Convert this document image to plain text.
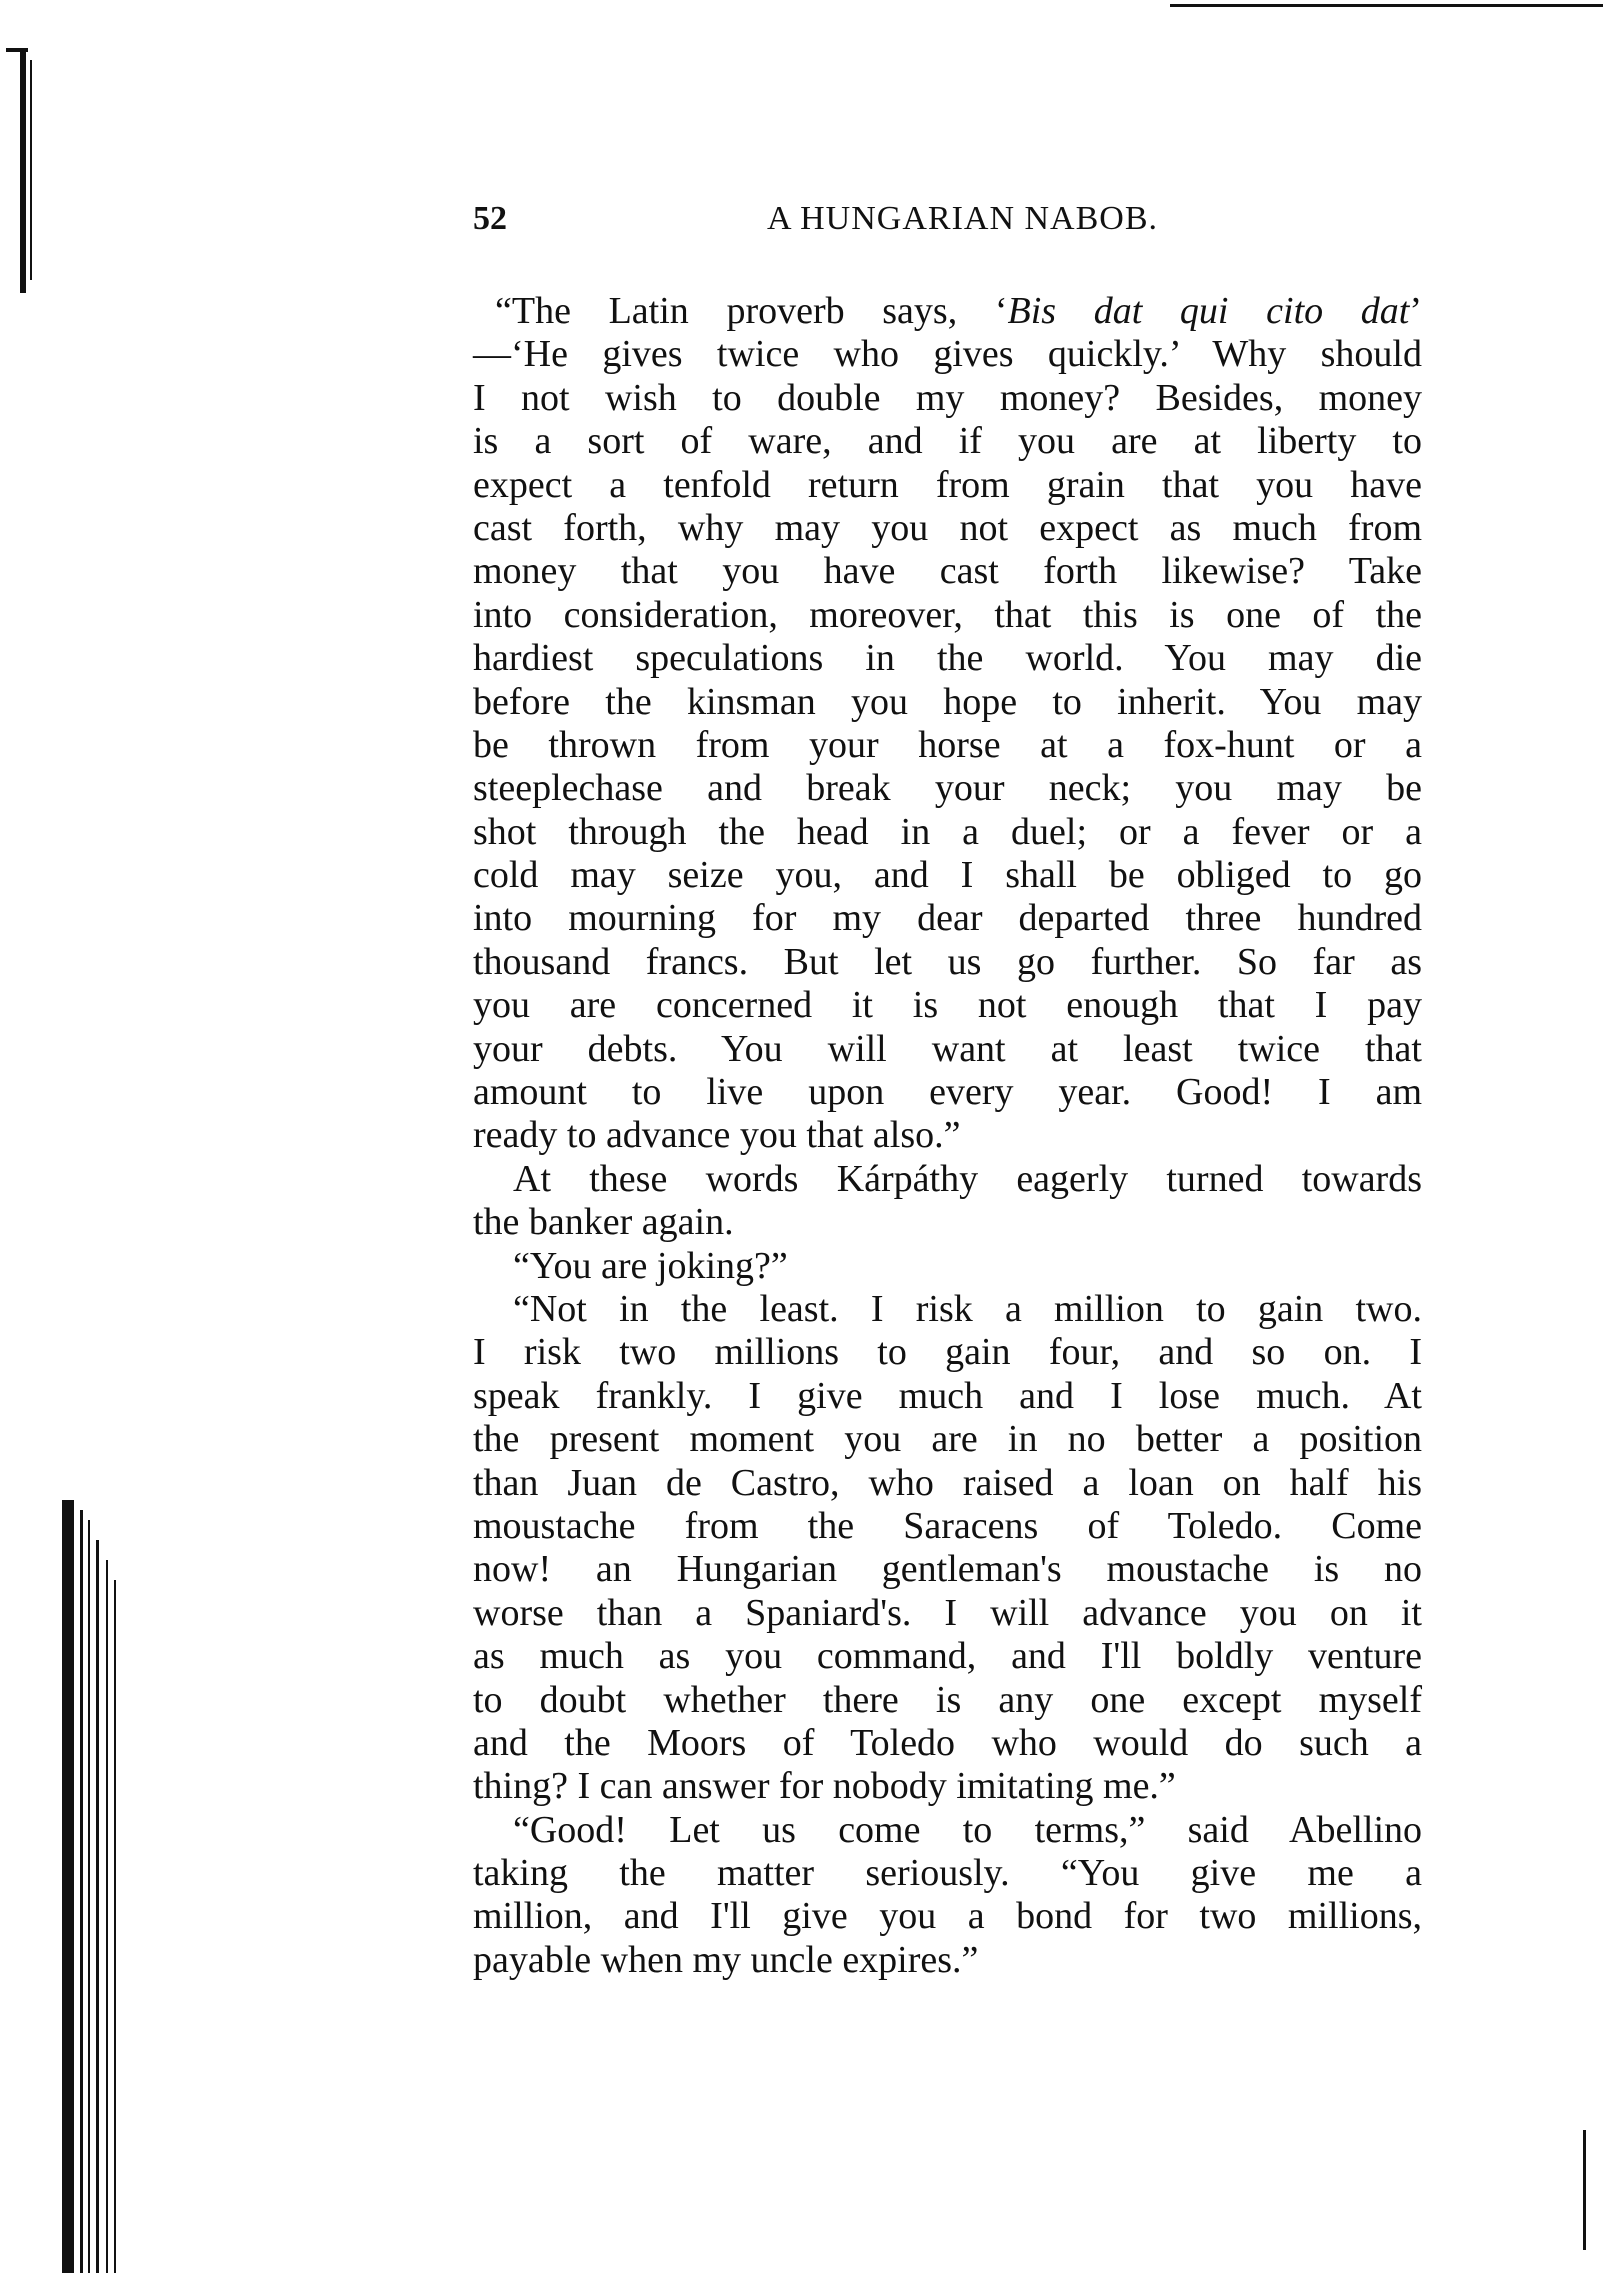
52	A HUNGARIAN NABOB.
“The Latin proverb says, ‘Bis dat qui cito dat’
—‘He gives twice who gives quickly.’ Why should
I not wish to double my money? Besides, money
is a sort of ware, and if you are at liberty to
expect a tenfold return from grain that you have
cast forth, why may you not expect as much from
money that you have cast forth likewise? Take
into consideration, moreover, that this is one of the
hardiest speculations in the world. You may die
before the kinsman you hope to inherit. You may
be thrown from your horse at a fox-hunt or a
steeplechase and break your neck; you may be
shot through the head in a duel; or a fever or a
cold may seize you, and I shall be obliged to go
into mourning for my dear departed three hundred
thousand francs. But let us go further. So far as
you are concerned it is not enough that I pay
your debts. You will want at least twice that
amount to live upon every year. Good! I am
ready to advance you that also.”
At these words Kárpáthy eagerly turned towards
the banker again.
“You are joking?”
“Not in the least. I risk a million to gain two.
I risk two millions to gain four, and so on. I
speak frankly. I give much and I lose much. At
the present moment you are in no better a position
than Juan de Castro, who raised a loan on half his
moustache from the Saracens of Toledo. Come
now! an Hungarian gentleman's moustache is no
worse than a Spaniard's. I will advance you on it
as much as you command, and I'll boldly venture
to doubt whether there is any one except myself
and the Moors of Toledo who would do such a
thing? I can answer for nobody imitating me.”
“Good! Let us come to terms,” said Abellino
taking the matter seriously. “You give me a
million, and I'll give you a bond for two millions,
payable when my uncle expires.”
